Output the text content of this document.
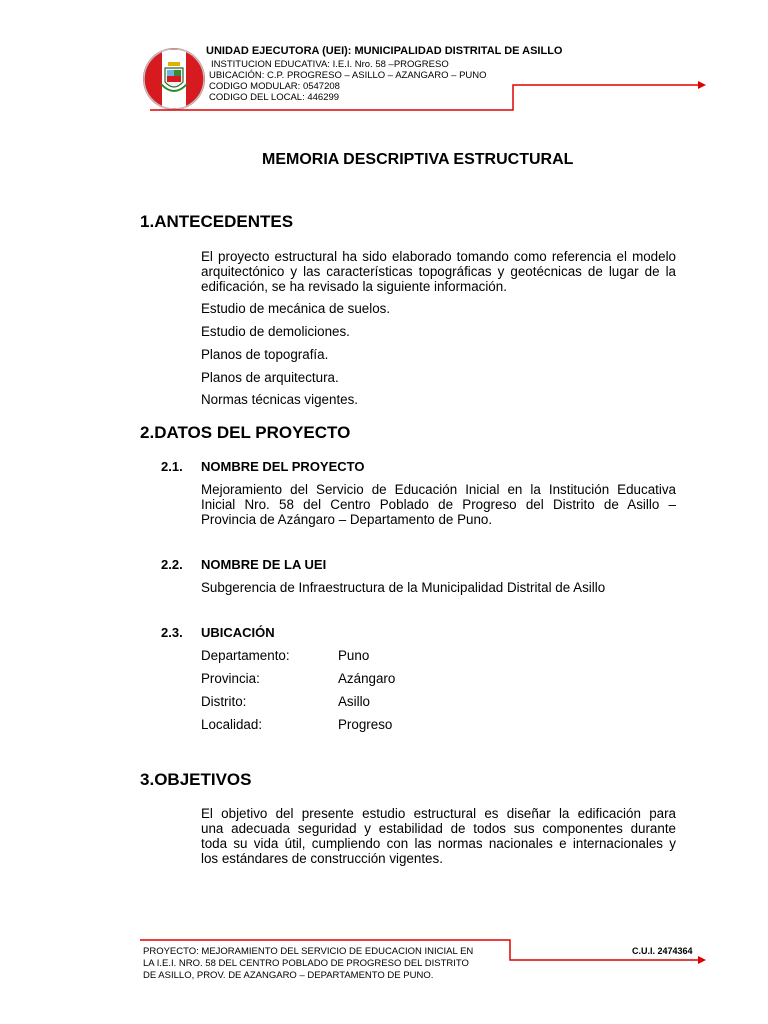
UNIDAD EJECUTORA (UEI): MUNICIPALIDAD DISTRITAL DE ASILLO
INSTITUCION EDUCATIVA: I.E.I. Nro. 58 –PROGRESO
UBICACIÓN: C.P. PROGRESO – ASILLO – AZANGARO – PUNO
CODIGO MODULAR: 0547208
CODIGO DEL LOCAL: 446299
MEMORIA DESCRIPTIVA ESTRUCTURAL
1.ANTECEDENTES
El proyecto estructural ha sido elaborado tomando como referencia el modelo arquitectónico y las características topográficas y geotécnicas de lugar de la edificación, se ha revisado la siguiente información.
Estudio de mecánica de suelos.
Estudio de demoliciones.
Planos de topografía.
Planos de arquitectura.
Normas técnicas vigentes.
2.DATOS DEL PROYECTO
2.1. NOMBRE DEL PROYECTO
Mejoramiento del Servicio de Educación Inicial en la Institución Educativa
Inicial Nro. 58 del Centro Poblado de Progreso del Distrito de Asillo –
Provincia de Azángaro – Departamento de Puno.
2.2. NOMBRE DE LA UEI
Subgerencia de Infraestructura de la Municipalidad Distrital de Asillo
2.3. UBICACIÓN
Departamento:	Puno
Provincia:	Azángaro
Distrito:	Asillo
Localidad:	Progreso
3.OBJETIVOS
El objetivo del presente estudio estructural es diseñar la edificación para
una adecuada seguridad y estabilidad de todos sus componentes durante
toda su vida útil, cumpliendo con las normas nacionales e internacionales y
los estándares de construcción vigentes.
PROYECTO: MEJORAMIENTO DEL SERVICIO DE EDUCACION INICIAL EN
LA I.E.I. NRO. 58 DEL CENTRO POBLADO DE PROGRESO DEL DISTRITO
DE ASILLO, PROV. DE AZANGARO – DEPARTAMENTO DE PUNO.
C.U.I. 2474364
